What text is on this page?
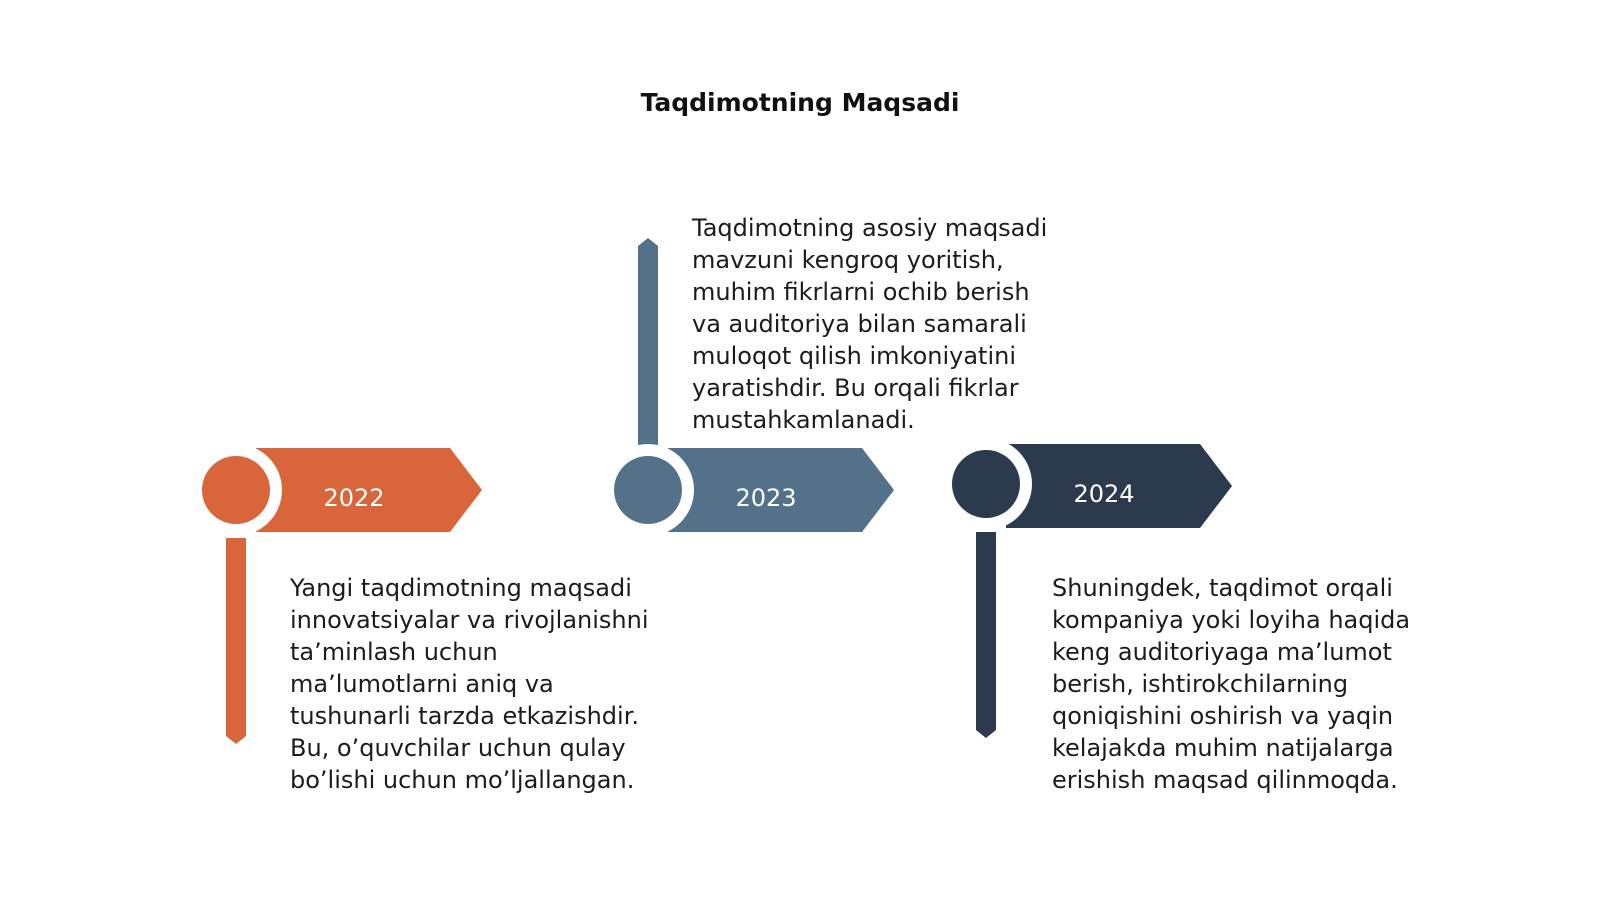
Taqdimotning Maqsadi
2022	2023	2024
Taqdimotning asosiy maqsadi mavzuni kengroq yoritish, muhim fikrlarni ochib berish va auditoriya bilan samarali muloqot qilish imkoniyatini yaratishdir. Bu orqali fikrlar mustahkamlanadi.
Yangi taqdimotning maqsadi innovatsiyalar va rivojlanishni ta’minlash uchun ma’lumotlarni aniq va tushunarli tarzda etkazishdir. Bu, o’quvchilar uchun qulay bo’lishi uchun mo’ljallangan.
Shuningdek, taqdimot orqali kompaniya yoki loyiha haqida keng auditoriyaga ma’lumot berish, ishtirokchilarning qoniqishini oshirish va yaqin kelajakda muhim natijalarga erishish maqsad qilinmoqda.
